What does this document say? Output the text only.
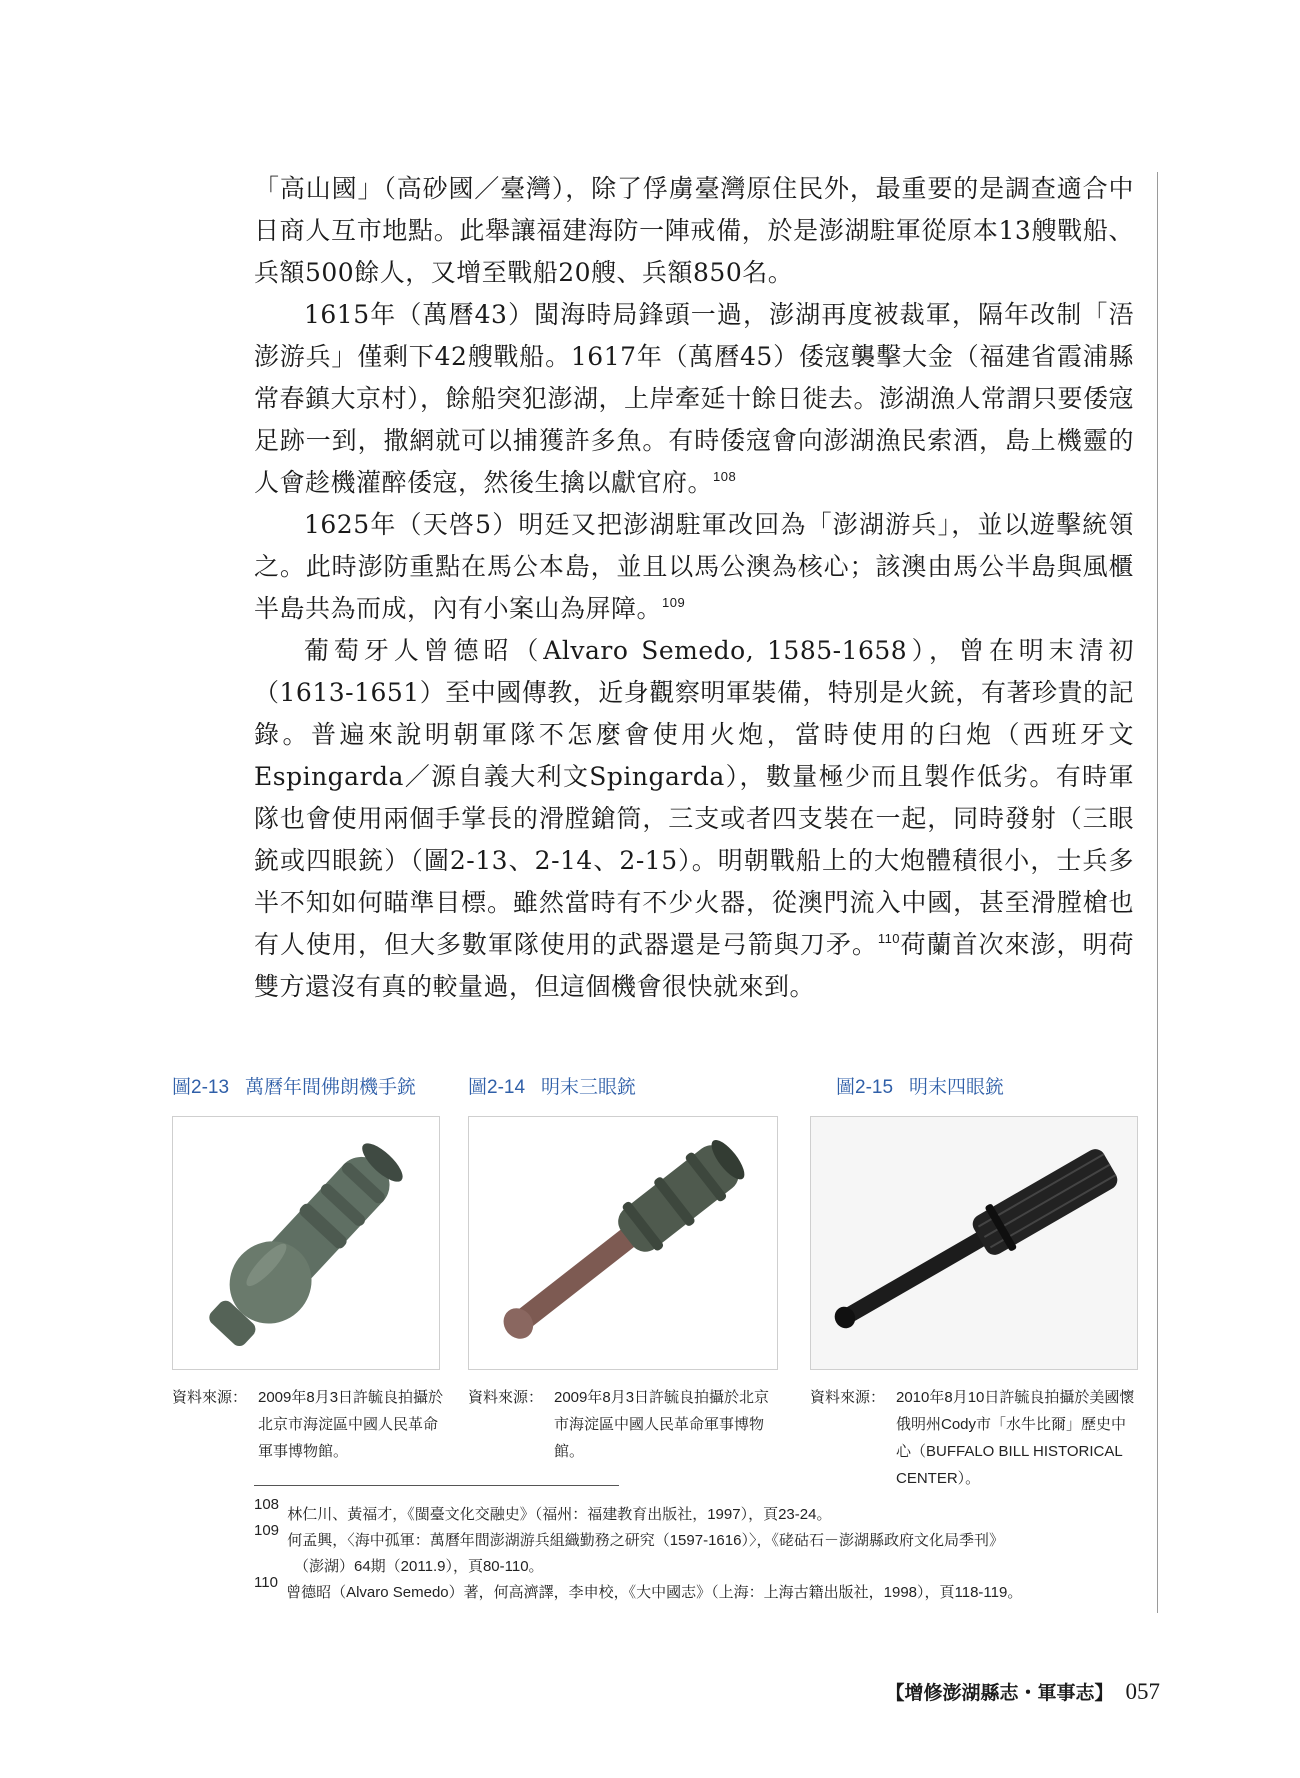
「高山國」（高砂國／臺灣），除了俘虜臺灣原住民外，最重要的是調查適合中日商人互市地點。此舉讓福建海防一陣戒備，於是澎湖駐軍從原本13艘戰船、兵額500餘人，又增至戰船20艘、兵額850名。

1615年（萬曆43）閩海時局鋒頭一過，澎湖再度被裁軍，隔年改制「浯澎游兵」僅剩下42艘戰船。1617年（萬曆45）倭寇襲擊大金（福建省霞浦縣常春鎮大京村），餘船突犯澎湖，上岸牽延十餘日徙去。澎湖漁人常謂只要倭寇足跡一到，撒網就可以捕獲許多魚。有時倭寇會向澎湖漁民索酒，島上機靈的人會趁機灌醉倭寇，然後生擒以獻官府。$^{108}$

1625年（天啓5）明廷又把澎湖駐軍改回為「澎湖游兵」，並以遊擊統領之。此時澎防重點在馬公本島，並且以馬公澳為核心；該澳由馬公半島與風櫃半島共為而成，內有小案山為屏障。$^{109}$

葡萄牙人曾德昭（Alvaro Semedo, 1585-1658），曾在明末清初（1613-1651）至中國傳教，近身觀察明軍裝備，特別是火銃，有著珍貴的記錄。普遍來說明朝軍隊不怎麼會使用火炮，當時使用的臼炮（西班牙文Espingarda／源自義大利文Spingarda），數量極少而且製作低劣。有時軍隊也會使用兩個手掌長的滑膛鎗筒，三支或者四支裝在一起，同時發射（三眼銃或四眼銃）（圖2-13、2-14、2-15）。明朝戰船上的大炮體積很小，士兵多半不知如何瞄準目標。雖然當時有不少火器，從澳門流入中國，甚至滑膛槍也有人使用，但大多數軍隊使用的武器還是弓箭與刀矛。$^{110}$荷蘭首次來澎，明荷雙方還沒有真的較量過，但這個機會很快就來到。

圖2-13 萬曆年間佛朗機手銃
資料來源： 2009年8月3日許毓良拍攝於北京市海淀區中國人民革命軍事博物館。
圖2-14 明末三眼銃
資料來源： 2009年8月3日許毓良拍攝於北京市海淀區中國人民革命軍事博物館。
圖2-15 明末四眼銃
資料來源： 2010年8月10日許毓良拍攝於美國懷俄明州Cody市「水牛比爾」歷史中心（BUFFALO BILL HISTORICAL CENTER）。
$^{108}$ 林仁川、黃福才，《閩臺文化交融史》（福州：福建教育出版社，1997），頁23-24。
$^{109}$ 何孟興，〈海中孤軍：萬曆年間澎湖游兵組織勤務之研究（1597-1616）〉，《硓𥑮石－澎湖縣政府文化局季刊》
（澎湖）64期（2011.9），頁80-110。
$^{110}$ 曾德昭（Alvaro Semedo）著，何高濟譯，李申校，《大中國志》（上海：上海古籍出版社，1998），頁118-119。
【增修澎湖縣志・軍事志】 057
